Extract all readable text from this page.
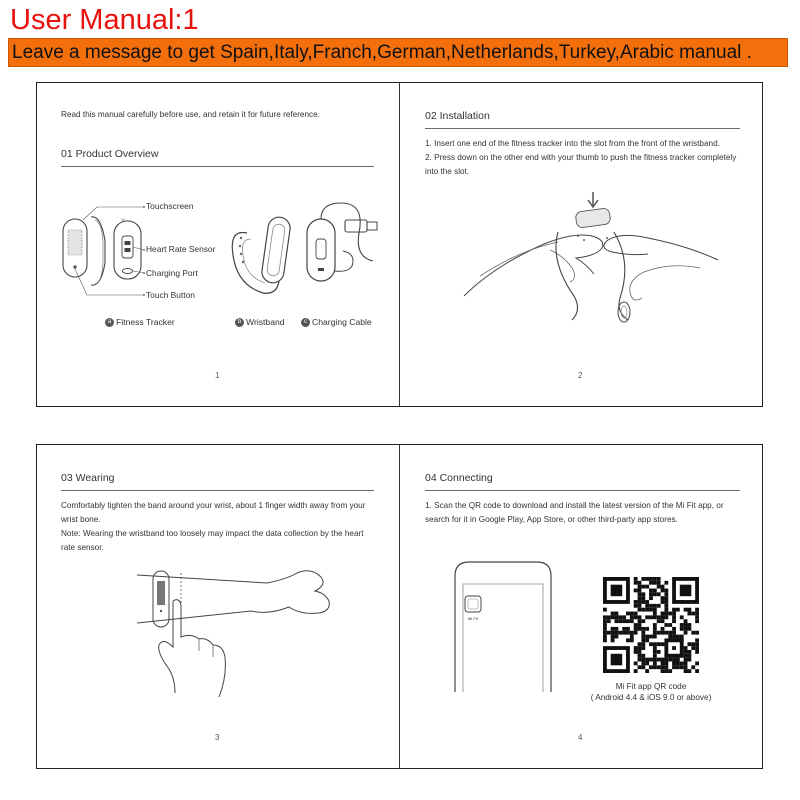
User Manual:1
Leave a message to get Spain,Italy,Franch,German,Netherlands,Turkey,Arabic manual .
Read this manual carefully before use, and retain it for future reference.
01 Product Overview
Touchscreen
Heart Rate Sensor
Charging Port
Touch Button
MI
a Fitness Tracker	b Wristband	c Charging Cable
1
02 Installation
1. Insert one end of the fitness tracker into the slot from the front of the wristband.
2. Press down on the other end with your thumb to push the fitness tracker completely into the slot.
2
03 Wearing
Comfortably tighten the band around your wrist, about 1 finger width away from your wrist bone.
Note: Wearing the wristband too loosely may impact the data collection by the heart rate sensor.
3
04 Connecting
1. Scan the QR code to download and install the latest version of the Mi Fit app, or search for it in Google Play, App Store, or other third-party app stores.
Mi Fit
Mi Fit app QR code
( Android 4.4 & iOS 9.0 or above)
4
